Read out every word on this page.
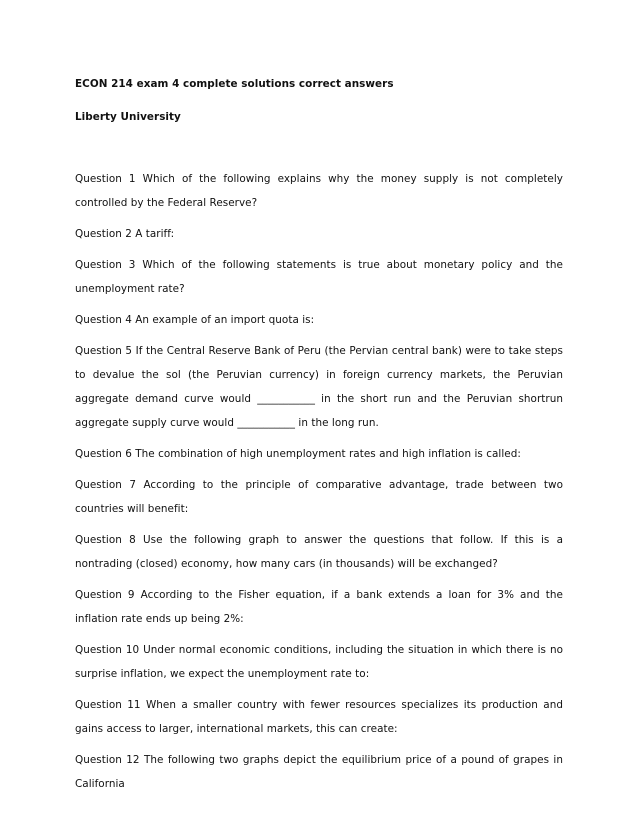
ECON 214 exam 4 complete solutions correct answers
Liberty University

Question 1 Which of the following explains why the money supply is not completely controlled by the Federal Reserve?

Question 2 A tariff:

Question 3 Which of the following statements is true about monetary policy and the unemployment rate?

Question 4 An example of an import quota is:

Question 5 If the Central Reserve Bank of Peru (the Pervian central bank) were to take steps to devalue the sol (the Peruvian currency) in foreign currency markets, the Peruvian aggregate demand curve would ___________ in the short run and the Peruvian shortrun aggregate supply curve would ___________ in the long run.

Question 6 The combination of high unemployment rates and high inflation is called:

Question 7 According to the principle of comparative advantage, trade between two countries will benefit:

Question 8 Use the following graph to answer the questions that follow. If this is a nontrading (closed) economy, how many cars (in thousands) will be exchanged?

Question 9 According to the Fisher equation, if a bank extends a loan for 3% and the inflation rate ends up being 2%:

Question 10 Under normal economic conditions, including the situation in which there is no surprise inflation, we expect the unemployment rate to:

Question 11 When a smaller country with fewer resources specializes its production and gains access to larger, international markets, this can create:

Question 12 The following two graphs depict the equilibrium price of a pound of grapes in California
